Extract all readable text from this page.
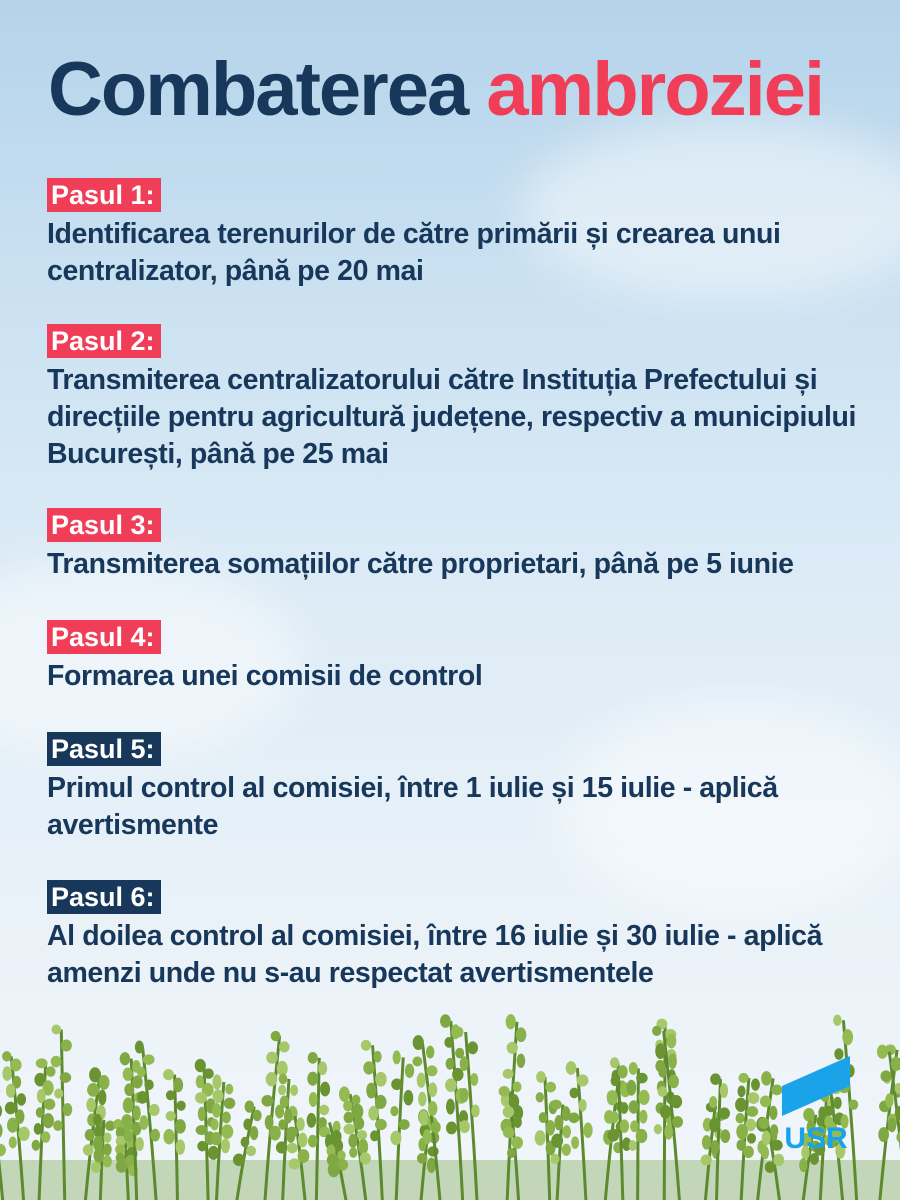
Combaterea ambroziei
Pasul 1:

Identificarea terenurilor de către primării și crearea unui centralizator, până pe 20 mai

Pasul 2:

Transmiterea centralizatorului către Instituția Prefectului și direcțiile pentru agricultură județene, respectiv a municipiului București, până pe 25 mai

Pasul 3:

Transmiterea somațiilor către proprietari, până pe 5 iunie

Pasul 4:

Formarea unei comisii de control

Pasul 5:

Primul control al comisiei, între 1 iulie și 15 iulie - aplică avertismente

Pasul 6:

Al doilea control al comisiei, între 16 iulie și 30 iulie - aplică amenzi unde nu s-au respectat avertismentele

USR
